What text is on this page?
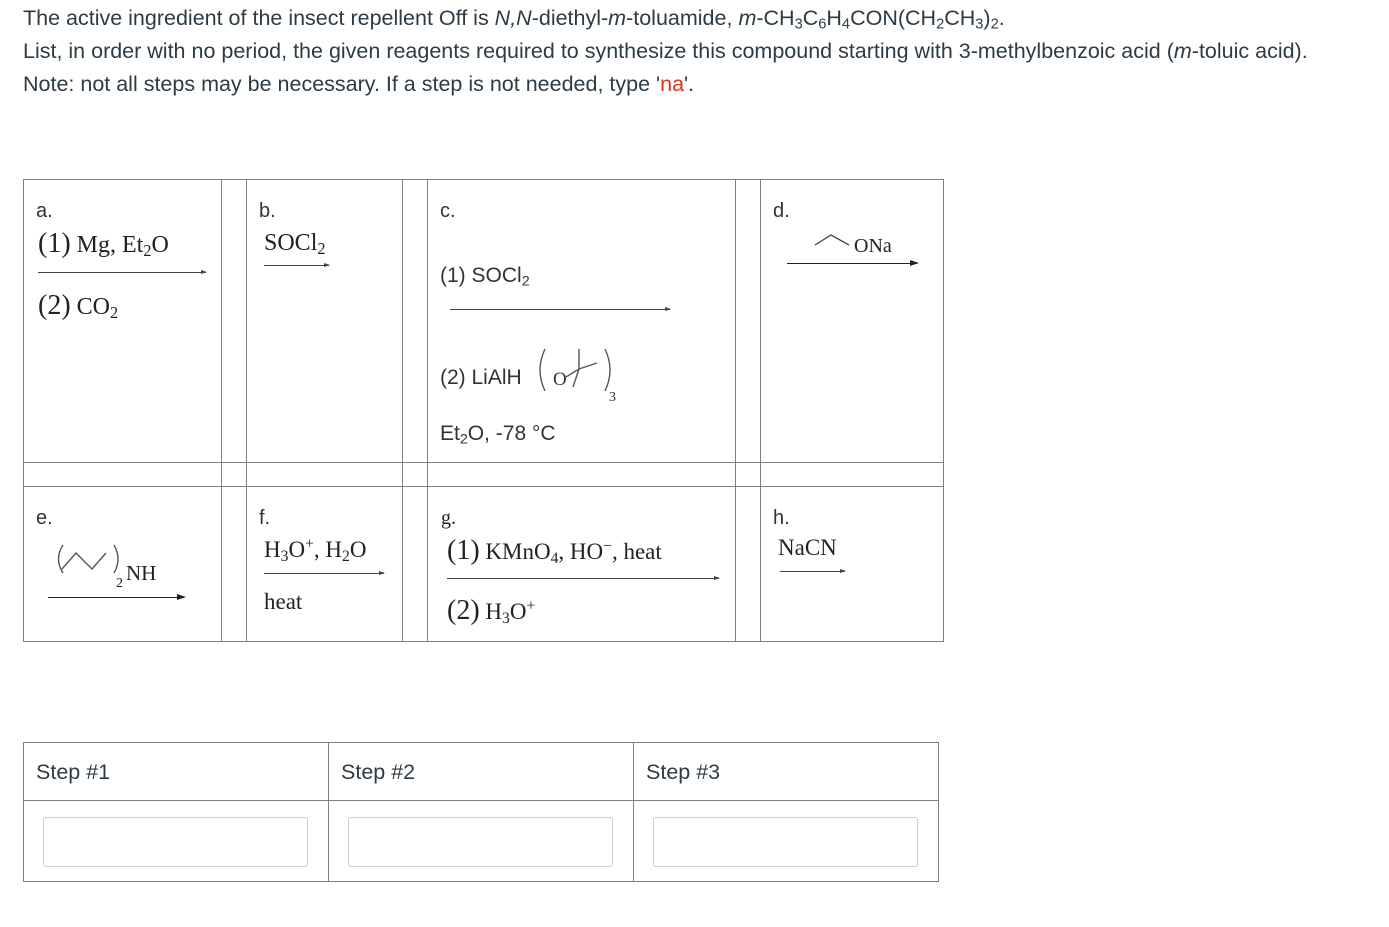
The active ingredient of the insect repellent Off is N,N-diethyl-m-toluamide, $m-CH_3C_6H_4CON(CH_2CH_3)_2$.

List, in order with no period, the given reagents required to synthesize this compound starting with 3-methylbenzoic acid (m-toluic acid).

Note: not all steps may be necessary. If a step is not needed, type 'na'.

a.
(1) Mg, $Et_2O$
(2) $CO_2$
b.
SOCl$_2$
c.
(1) SOCl$_2$
(2) LiAlH O
3
$Et_2O$, -78 °C
d.
ONa
e.
$_2$ NH
f.
$H_3O^+$, $H_2O$
heat
g.
(1) KMnO$_4$, HO−, heat
(2) $H_3O^+$
h.
NaCN
Step #1	Step #2	Step #3
